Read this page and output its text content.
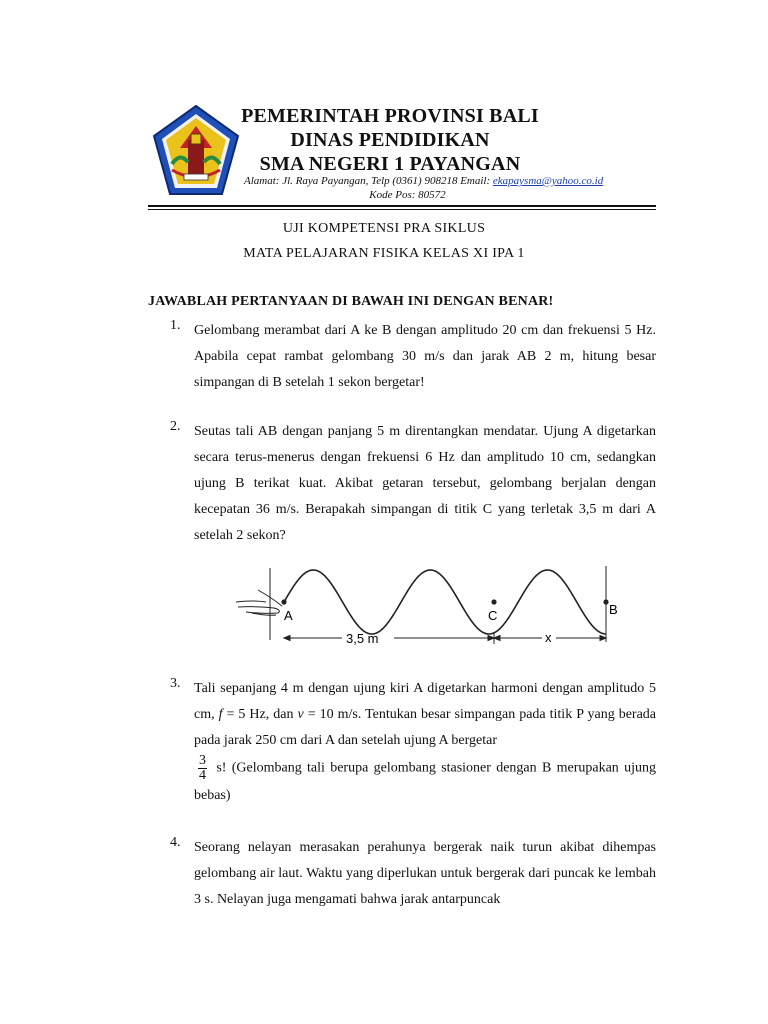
PEMERINTAH PROVINSI BALI
DINAS PENDIDIKAN
SMA NEGERI 1 PAYANGAN
Alamat: Jl. Raya Payangan, Telp (0361) 908218 Email: ekapaysma@yahoo.co.id
Kode Pos: 80572
UJI KOMPETENSI PRA SIKLUS
MATA PELAJARAN FISIKA KELAS XI IPA 1
JAWABLAH PERTANYAAN DI BAWAH INI DENGAN BENAR!
1. Gelombang merambat dari A ke B dengan amplitudo 20 cm dan frekuensi 5 Hz. Apabila cepat rambat gelombang 30 m/s dan jarak AB 2 m, hitung besar simpangan di B setelah 1 sekon bergetar!
2. Seutas tali AB dengan panjang 5 m direntangkan mendatar. Ujung A digetarkan secara terus-menerus dengan frekuensi 6 Hz dan amplitudo 10 cm, sedangkan ujung B terikat kuat. Akibat getaran tersebut, gelombang berjalan dengan kecepatan 36 m/s. Berapakah simpangan di titik C yang terletak 3,5 m dari A setelah 2 sekon?
A	C	B
3,5 m	x
3. Tali sepanjang 4 m dengan ujung kiri A digetarkan harmoni dengan amplitudo 5 cm, f = 5 Hz, dan v = 10 m/s. Tentukan besar simpangan pada titik P yang berada pada jarak 250 cm dari A dan setelah ujung A bergetar

$\frac{3}{4} s$! (Gelombang tali berupa gelombang stasioner dengan B merupakan ujung bebas)
4. Seorang nelayan merasakan perahunya bergerak naik turun akibat dihempas gelombang air laut. Waktu yang diperlukan untuk bergerak dari puncak ke lembah 3 s. Nelayan juga mengamati bahwa jarak antarpuncak
